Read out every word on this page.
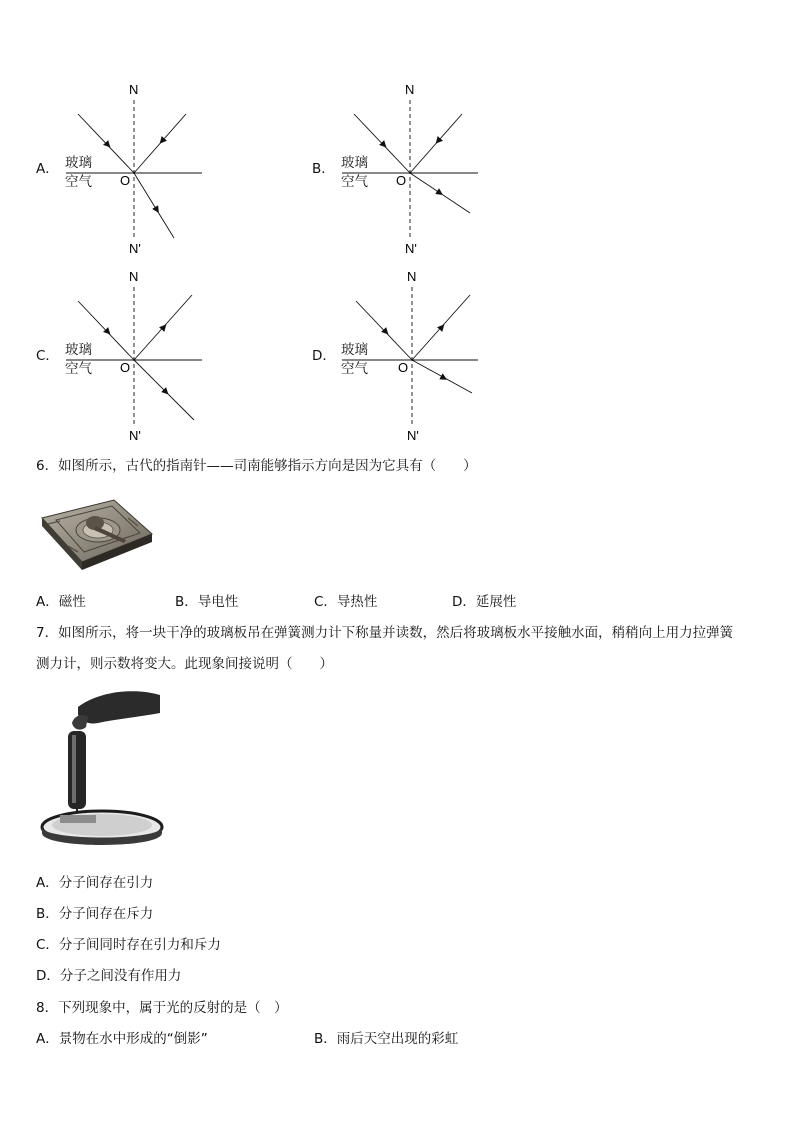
N
N'
O
A． 玻璃
空气
N
N'
O
B． 玻璃
空气
N
N'
O
C． 玻璃
空气
N
N'
O
D． 玻璃
空气
6．如图所示，古代的指南针——司南能够指示方向是因为它具有（　　）
A．磁性	B．导电性	C．导热性	D．延展性
7．如图所示，将一块干净的玻璃板吊在弹簧测力计下称量并读数，然后将玻璃板水平接触水面，稍稍向上用力拉弹簧
测力计，则示数将变大。此现象间接说明（　　）
A．分子间存在引力
B．分子间存在斥力
C．分子间同时存在引力和斥力
D．分子之间没有作用力
8．下列现象中，属于光的反射的是（　）
A．景物在水中形成的“倒影”	B．雨后天空出现的彩虹
